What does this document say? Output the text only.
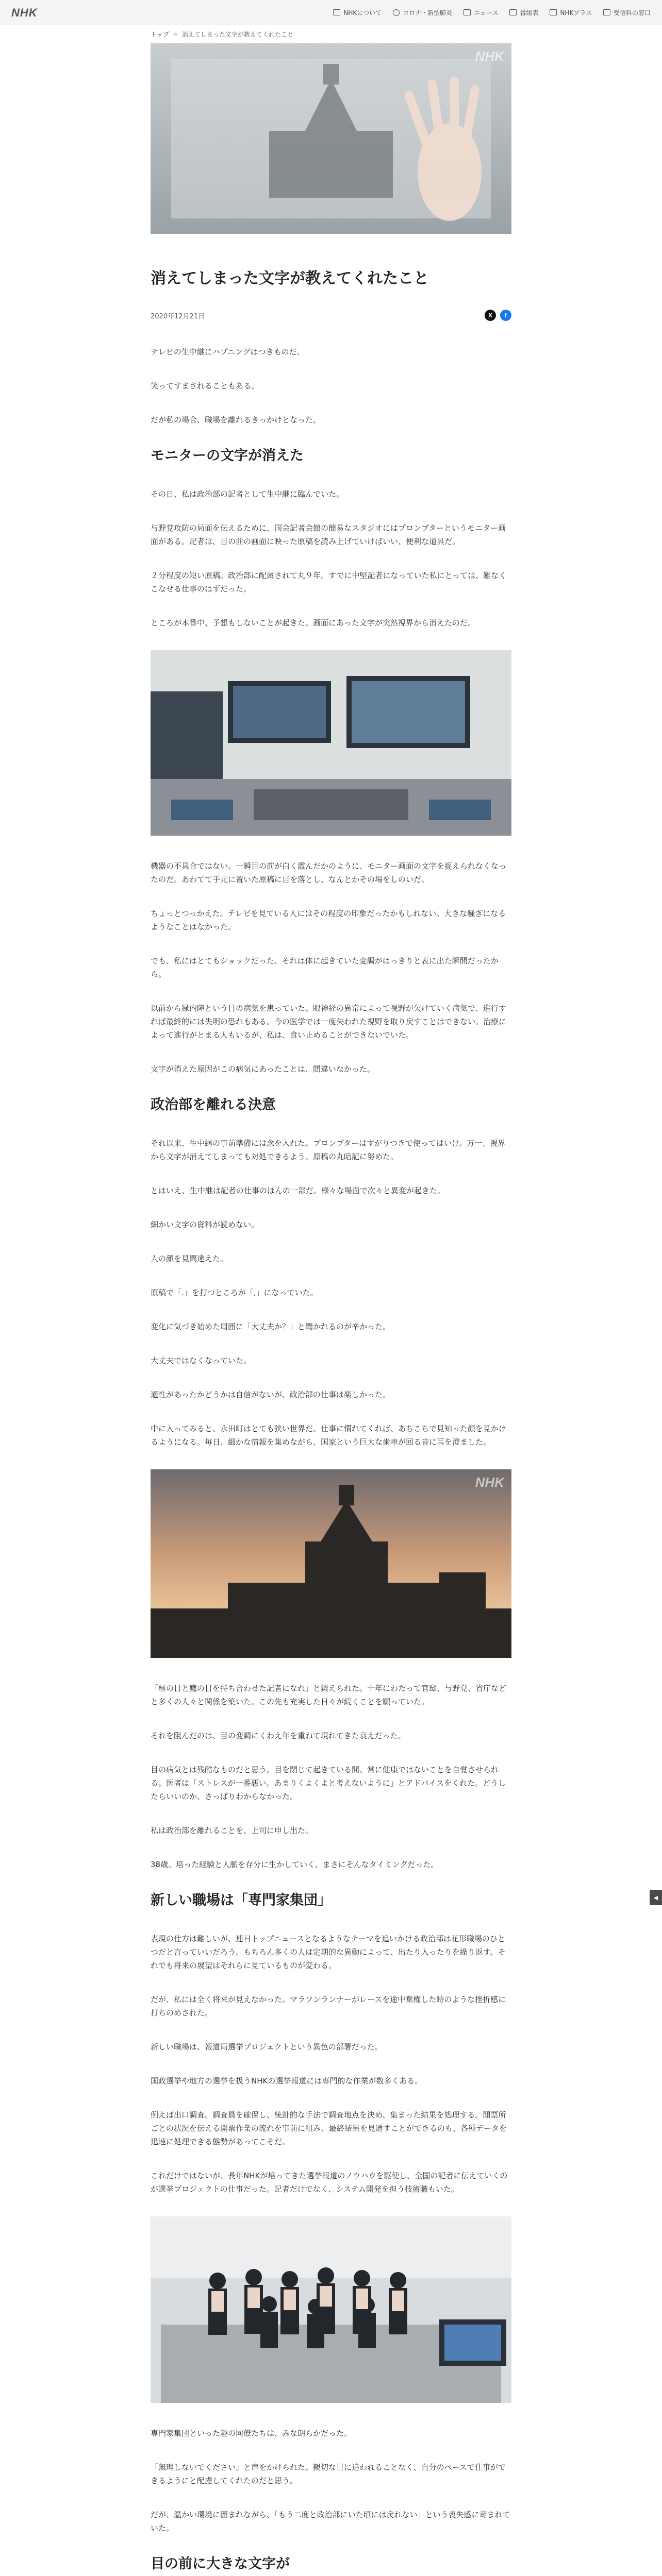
NHK	NHKについて	コロナ・新型肺炎	ニュース	番組表	NHKプラス	受信料の窓口
トップ > 消えてしまった文字が教えてくれたこと
NHK
消えてしまった文字が教えてくれたこと
2020年12月21日	X	f

テレビの生中継にハプニングはつきものだ。

笑ってすまされることもある。

だが私の場合、職場を離れるきっかけとなった。

モニターの文字が消えた

その日、私は政治部の記者として生中継に臨んでいた。

与野党攻防の局面を伝えるために、国会記者会館の簡易なスタジオにはプロンプターというモニター画面がある。記者は、目の前の画面に映った原稿を読み上げていけばいい、便利な道具だ。

２分程度の短い原稿。政治部に配属されて丸９年。すでに中堅記者になっていた私にとっては、難なくこなせる仕事のはずだった。

ところが本番中、予想もしないことが起きた。画面にあった文字が突然視界から消えたのだ。

機器の不具合ではない。一瞬目の前が白く霞んだかのように、モニター画面の文字を捉えられなくなったのだ。あわてて手元に置いた原稿に目を落とし、なんとかその場をしのいだ。

ちょっとつっかえた。テレビを見ている人にはその程度の印象だったかもしれない。大きな騒ぎになるようなことはなかった。

でも、私にはとてもショックだった。それは体に起きていた変調がはっきりと表に出た瞬間だったから。

以前から緑内障という目の病気を患っていた。眼神経の異常によって視野が欠けていく病気で、進行すれば最終的には失明の恐れもある。今の医学では一度失われた視野を取り戻すことはできない。治療によって進行がとまる人もいるが、私は、食い止めることができないでいた。

文字が消えた原因がこの病気にあったことは、間違いなかった。

政治部を離れる決意

それ以来、生中継の事前準備には念を入れた。プロンプターはすがりつきで使ってはいけ。万一、視界から文字が消えてしまっても対処できるよう、原稿の丸暗記に努めた。

とはいえ、生中継は記者の仕事のほんの一部だ。様々な場面で次々と異変が起きた。

細かい文字の資料が読めない。

人の顔を見間違えた。

原稿で「.」を打つところが「,」になっていた。

変化に気づき始めた周囲に「大丈夫か？」と聞かれるのが辛かった。

大丈夫ではなくなっていた。

適性があったかどうかは自信がないが、政治部の仕事は楽しかった。

中に入ってみると、永田町はとても狭い世界だ。仕事に慣れてくれば、あちこちで見知った顔を見かけるようになる。毎日、細かな情報を集めながら、国家という巨大な歯車が回る音に耳を澄ました。

NHK

「極の目と鷹の目を持ち合わせた記者になれ」と鍛えられた。十年にわたって官邸、与野党、省庁などと多くの人々と関係を築いた。この先も充実した日々が続くことを願っていた。

それを阻んだのは、目の変調にくわえ年を重ねて現れてきた衰えだった。

目の病気とは残酷なものだと思う。目を閉じて起きている間、常に健康ではないことを自覚させられる。医者は「ストレスが一番悪い。あまりくよくよと考えないように」とアドバイスをくれた。どうしたらいいのか、さっぱりわからなかった。

私は政治部を離れることを、上司に申し出た。

38歳。培った経験と人脈を存分に生かしていく、まさにそんなタイミングだった。

新しい職場は「専門家集団」

表現の仕方は難しいが、連日トップニュースとなるようなテーマを追いかける政治部は花形職場のひとつだと言っていいだろう。もちろん多くの人は定期的な異動によって、出たり入ったりを繰り返す。それでも将来の展望はそれらに見ているものが変わる。

だが、私には全く将来が見えなかった。マラソンランナーがレースを途中棄権した時のような挫折感に打ちのめされた。

新しい職場は、報道局選挙プロジェクトという異色の部署だった。

国政選挙や地方の選挙を扱うNHKの選挙報道には専門的な作業が数多くある。

例えば出口調査。調査員を確保し、統計的な手法で調査地点を決め、集まった結果を処理する。開票所ごとの状況を伝える開票作業の流れを事前に組み、最終結果を見通すことができるのも、各種データを迅速に処理できる態勢があってこそだ。

これだけではないが、長年NHKが培ってきた選挙報道のノウハウを駆使し、全国の記者に伝えていくのが選挙プロジェクトの仕事だった。記者だけでなく、システム開発を担う技術職もいた。

専門家集団といった趣の同僚たちは、みな朗らかだった。

「無理しないでください」と声をかけられた。親切な目に追われることなく、自分のペースで仕事ができるようにと配慮してくれたのだと思う。

だが、温かい環境に囲まれながら、「もう二度と政治部にいた頃には戻れない」という喪失感に苛まれていた。

目の前に大きな文字が

◀
